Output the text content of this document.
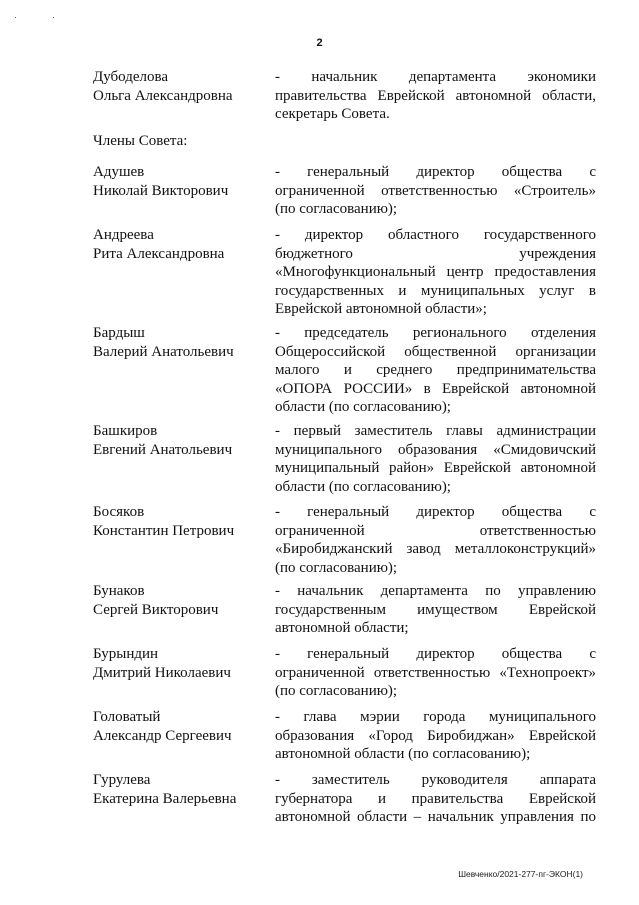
·	·
2
Дубоделова
Ольга Александровна
- начальник департамента экономики
правительства Еврейской автономной области,
секретарь Совета.
Члены Совета:
Адушев
Николай Викторович
- генеральный директор общества с
ограниченной ответственностью «Строитель»
(по согласованию);
Андреева
Рита Александровна
- директор областного государственного
бюджетного учреждения
«Многофункциональный центр предоставления
государственных и муниципальных услуг в
Еврейской автономной области»;
Бардыш
Валерий Анатольевич
- председатель регионального отделения
Общероссийской общественной организации
малого и среднего предпринимательства
«ОПОРА РОССИИ» в Еврейской автономной
области (по согласованию);
Башкиров
Евгений Анатольевич
- первый заместитель главы администрации
муниципального образования «Смидовичский
муниципальный район» Еврейской автономной
области (по согласованию);
Босяков
Константин Петрович
- генеральный директор общества с
ограниченной ответственностью
«Биробиджанский завод металлоконструкций»
(по согласованию);
Бунаков
Сергей Викторович
- начальник департамента по управлению
государственным имуществом Еврейской
автономной области;
Бурындин
Дмитрий Николаевич
- генеральный директор общества с
ограниченной ответственностью «Технопроект»
(по согласованию);
Головатый
Александр Сергеевич
- глава мэрии города муниципального
образования «Город Биробиджан» Еврейской
автономной области (по согласованию);
Гурулева
Екатерина Валерьевна
- заместитель руководителя аппарата
губернатора и правительства Еврейской
автономной области – начальник управления по
Шевченко/2021-277-пг-ЭКОН(1)
